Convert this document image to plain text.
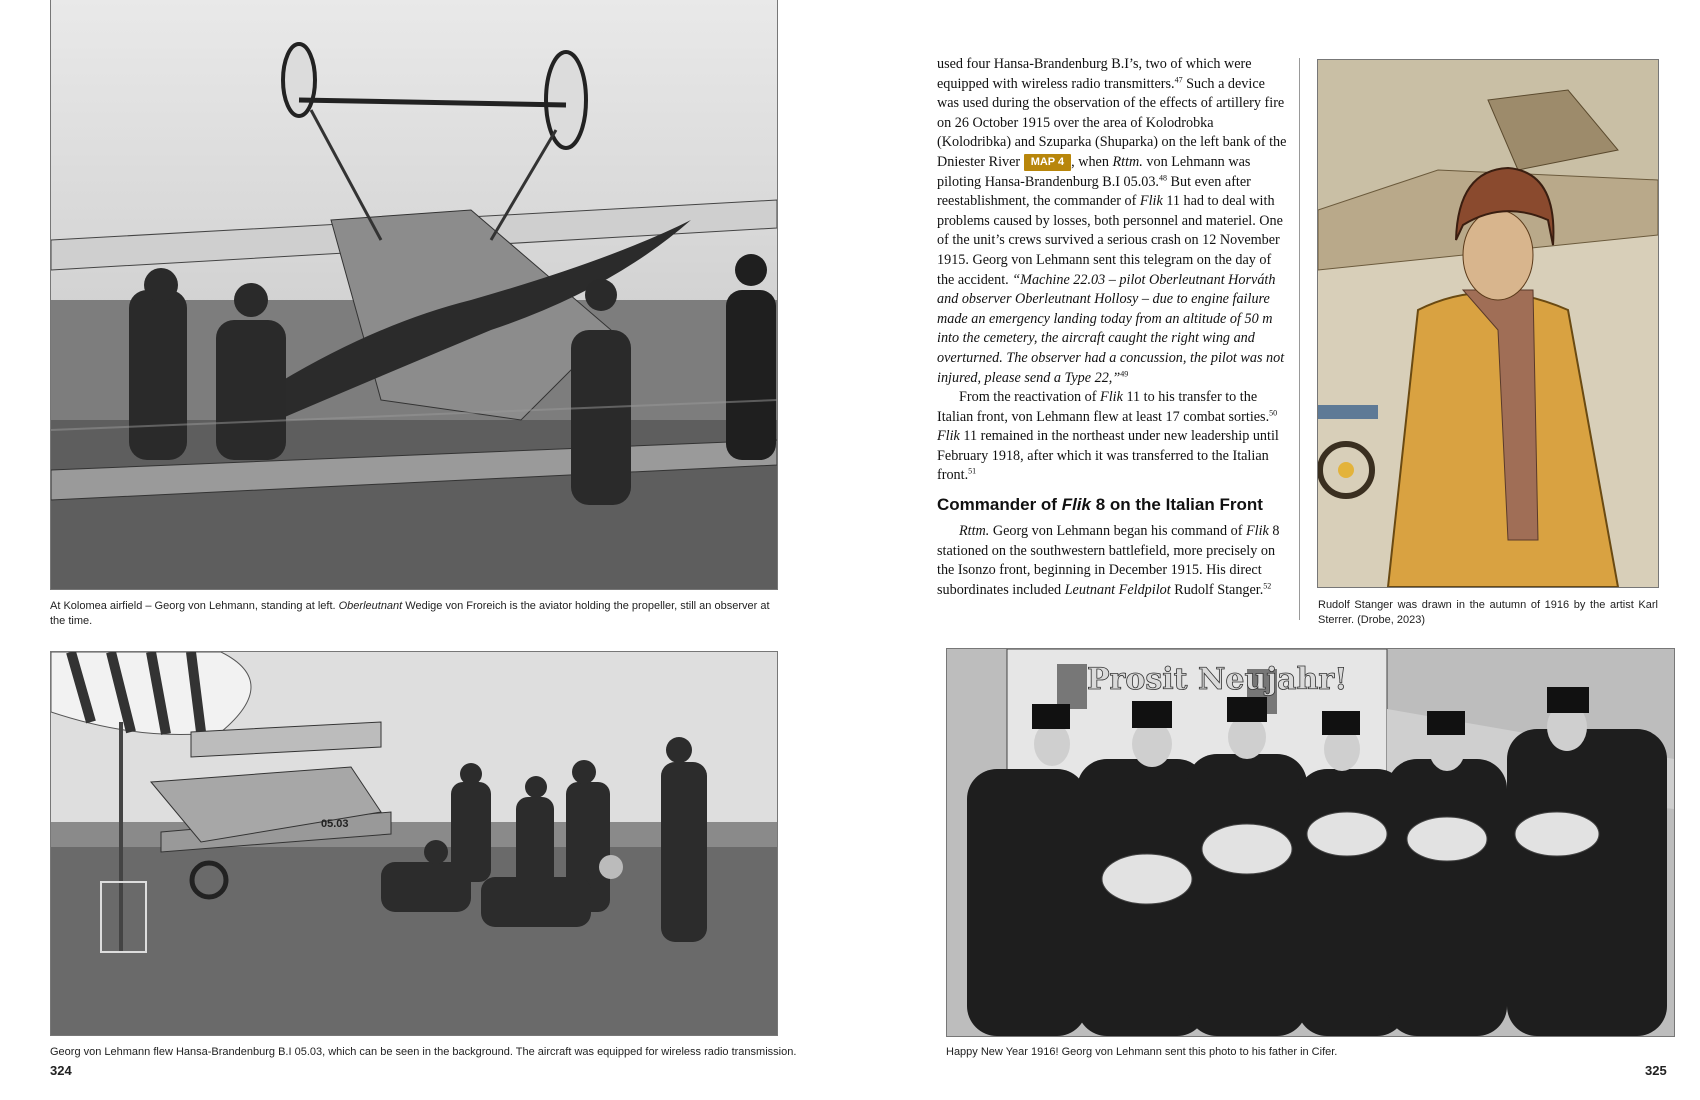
At Kolomea airfield – Georg von Lehmann, standing at left. Oberleutnant Wedige von Froreich is the aviator holding the propeller, still an observer at the time.
05.03
Georg von Lehmann flew Hansa-Brandenburg B.I 05.03, which can be seen in the background. The aircraft was equipped for wireless radio transmission.
324

used four Hansa-Brandenburg B.I’s, two of which were equipped with wireless radio transmitters.$^{47}$ Such a device was used during the observation of the effects of artillery fire on 26 October 1915 over the area of Kolodrobka (Kolodribka) and Szuparka (Shuparka) on the left bank of the Dniester River MAP 4 , when Rttm. von Lehmann was piloting Hansa-Brandenburg B.I 05.03.48 But even after reestablishment, the commander of Flik 11 had to deal with problems caused by losses, both personnel and materiel. One of the unit’s crews survived a serious crash on 12 November 1915. Georg von Lehmann sent this telegram on the day of the accident. “Machine 22.03 – pilot Oberleutnant Horváth and observer Oberleutnant Hollosy – due to engine failure made an emergency landing today from an altitude of 50 m into the cemetery, the aircraft caught the right wing and overturned. The observer had a concussion, the pilot was not injured, please send a Type 22,”$^{49}$

From the reactivation of Flik 11 to his transfer to the Italian front, von Lehmann flew at least 17 combat sorties.$^{50}$ Flik 11 remained in the northeast under new leadership until February 1918, after which it was transferred to the Italian front.$^{51}$

Commander of Flik 8 on the Italian Front

Rttm. Georg von Lehmann began his command of Flik 8 stationed on the southwestern battlefield, more precisely on the Isonzo front, beginning in December 1915. His direct subordinates included Leutnant Feldpilot Rudolf Stanger.$^{52}$

Rudolf Stanger was drawn in the autumn of 1916 by the artist Karl Sterrer. (Drobe, 2023)
Prosit Neujahr!
Happy New Year 1916! Georg von Lehmann sent this photo to his father in Cifer.
325
